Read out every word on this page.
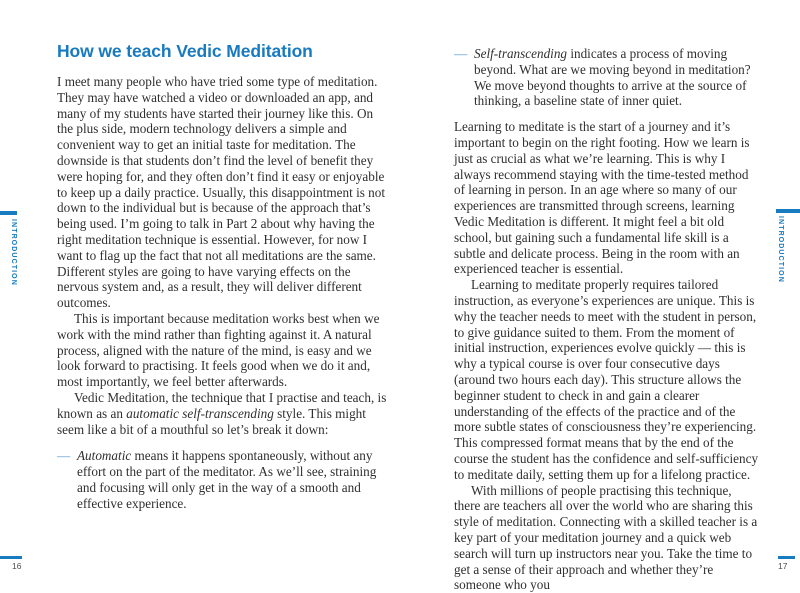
INTRODUCTION	INTRODUCTION
How we teach Vedic Meditation
I meet many people who have tried some type of meditation. They may have watched a video or downloaded an app, and many of my students have started their journey like this. On the plus side, modern technology delivers a simple and convenient way to get an initial taste for meditation. The downside is that students don’t find the level of benefit they were hoping for, and they often don’t find it easy or enjoyable to keep up a daily practice. Usually, this disappointment is not down to the individual but is because of the approach that’s being used. I’m going to talk in Part 2 about why having the right meditation technique is essential. However, for now I want to flag up the fact that not all meditations are the same. Different styles are going to have varying effects on the nervous system and, as a result, they will deliver different outcomes.
This is important because meditation works best when we work with the mind rather than fighting against it. A natural process, aligned with the nature of the mind, is easy and we look forward to practising. It feels good when we do it and, most importantly, we feel better afterwards.
Vedic Meditation, the technique that I practise and teach, is known as an automatic self-transcending style. This might seem like a bit of a mouthful so let’s break it down:
— Automatic means it happens spontaneously, without any effort on the part of the meditator. As we’ll see, straining and focusing will only get in the way of a smooth and effective experience.
— Self-transcending indicates a process of moving beyond. What are we moving beyond in meditation? We move beyond thoughts to arrive at the source of thinking, a baseline state of inner quiet.
Learning to meditate is the start of a journey and it’s important to begin on the right footing. How we learn is just as crucial as what we’re learning. This is why I always recommend staying with the time-tested method of learning in person. In an age where so many of our experiences are transmitted through screens, learning Vedic Meditation is different. It might feel a bit old school, but gaining such a fundamental life skill is a subtle and delicate process. Being in the room with an experienced teacher is essential.
Learning to meditate properly requires tailored instruction, as everyone’s experiences are unique. This is why the teacher needs to meet with the student in person, to give guidance suited to them. From the moment of initial instruction, experiences evolve quickly — this is why a typical course is over four consecutive days (around two hours each day). This structure allows the beginner student to check in and gain a clearer understanding of the effects of the practice and of the more subtle states of consciousness they’re experiencing. This compressed format means that by the end of the course the student has the confidence and self-sufficiency to meditate daily, setting them up for a lifelong practice.
With millions of people practising this technique, there are teachers all over the world who are sharing this style of meditation. Connecting with a skilled teacher is a key part of your meditation journey and a quick web search will turn up instructors near you. Take the time to get a sense of their approach and whether they’re someone who you
16	17
